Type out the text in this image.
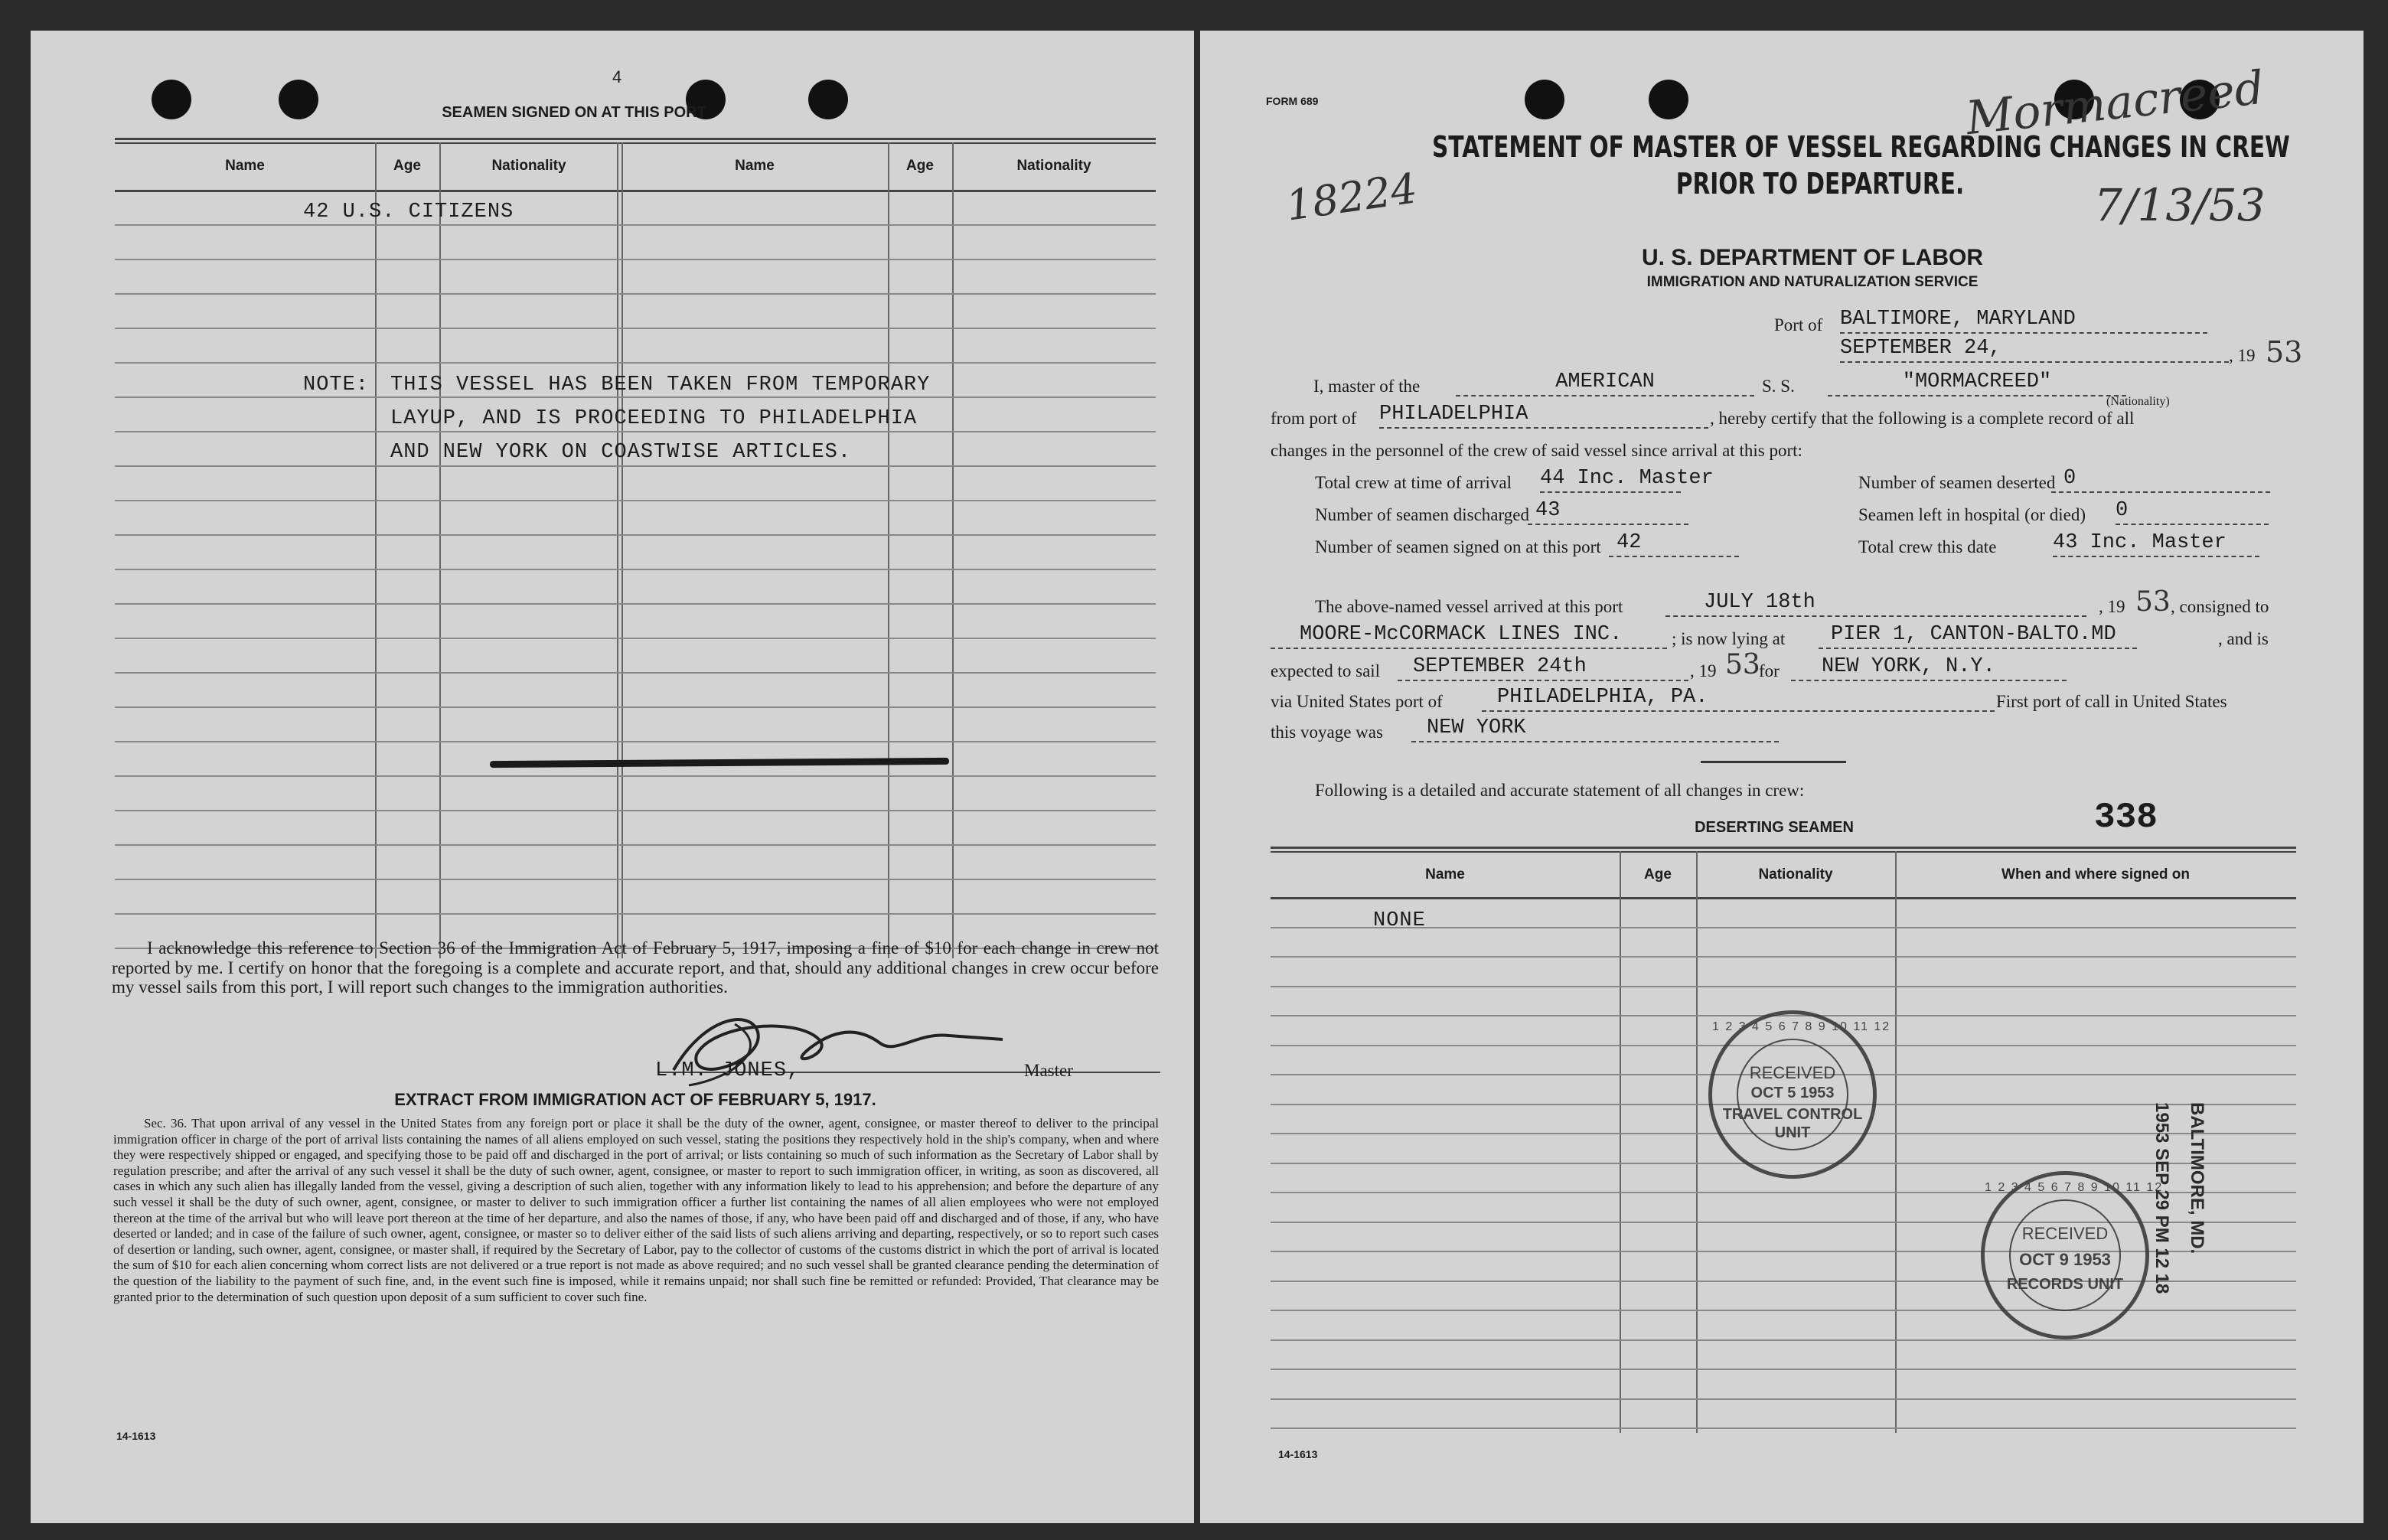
4
SEAMEN SIGNED ON AT THIS PORT
Name	Age	Nationality	Name	Age	Nationality
42 U.S. CITIZENS
NOTE: THIS VESSEL HAS BEEN TAKEN FROM TEMPORARY
LAYUP, AND IS PROCEEDING TO PHILADELPHIA
AND NEW YORK ON COASTWISE ARTICLES.
I acknowledge this reference to Section 36 of the Immigration Act of February 5, 1917, imposing a fine of $10 for each change in crew not reported by me. I certify on honor that the foregoing is a complete and accurate report, and that, should any additional changes in crew occur before my vessel sails from this port, I will report such changes to the immigration authorities.
L.M. JONES,	Master
EXTRACT FROM IMMIGRATION ACT OF FEBRUARY 5, 1917.
Sec. 36. That upon arrival of any vessel in the United States from any foreign port or place it shall be the duty of the owner, agent, consignee, or master thereof to deliver to the principal immigration officer in charge of the port of arrival lists containing the names of all aliens employed on such vessel, stating the positions they respectively hold in the ship's company, when and where they were respectively shipped or engaged, and specifying those to be paid off and discharged in the port of arrival; or lists containing so much of such information as the Secretary of Labor shall by regulation prescribe; and after the arrival of any such vessel it shall be the duty of such owner, agent, consignee, or master to report to such immigration officer, in writing, as soon as discovered, all cases in which any such alien has illegally landed from the vessel, giving a description of such alien, together with any information likely to lead to his apprehension; and before the departure of any such vessel it shall be the duty of such owner, agent, consignee, or master to deliver to such immigration officer a further list containing the names of all alien employees who were not employed thereon at the time of the arrival but who will leave port thereon at the time of her departure, and also the names of those, if any, who have been paid off and discharged and of those, if any, who have deserted or landed; and in case of the failure of such owner, agent, consignee, or master so to deliver either of the said lists of such aliens arriving and departing, respectively, or so to report such cases of desertion or landing, such owner, agent, consignee, or master shall, if required by the Secretary of Labor, pay to the collector of customs of the customs district in which the port of arrival is located the sum of $10 for each alien concerning whom correct lists are not delivered or a true report is not made as above required; and no such vessel shall be granted clearance pending the determination of the question of the liability to the payment of such fine, and, in the event such fine is imposed, while it remains unpaid; nor shall such fine be remitted or refunded: Provided, That clearance may be granted prior to the determination of such question upon deposit of a sum sufficient to cover such fine.
14-1613
FORM 689
STATEMENT OF MASTER OF VESSEL REGARDING CHANGES IN CREW
PRIOR TO DEPARTURE.
18224
Mormacreed
7/13/53
U. S. DEPARTMENT OF LABOR
IMMIGRATION AND NATURALIZATION SERVICE
Port of BALTIMORE, MARYLAND
SEPTEMBER 24,	, 19 53
I, master of the	AMERICAN
(Nationality)
S. S.	"MORMACREED"
from port of PHILADELPHIA	, hereby certify that the following is a complete record of all
changes in the personnel of the crew of said vessel since arrival at this port:
Total crew at time of arrival 44 Inc. Master	Number of seamen deserted 0
Number of seamen discharged 43	Seamen left in hospital (or died) 0
Number of seamen signed on at this port 42	Total crew this date	43 Inc. Master
The above-named vessel arrived at this port	JULY 18th	, 19 53 , consigned to
MOORE-McCORMACK LINES INC.	; is now lying at	PIER 1, CANTON-BALTO.MD	, and is
expected to sail	SEPTEMBER 24th	, 19 53
for	NEW YORK, N.Y.
via United States port of	PHILADELPHIA, PA.	First port of call in United States
this voyage was	NEW YORK
Following is a detailed and accurate statement of all changes in crew:
338
DESERTING SEAMEN
Name	Age	Nationality	When and where signed on
NONE
1 2 3 4 5 6 7 8 9 10 11 12
RECEIVED
OCT 5 1953
TRAVEL CONTROL
UNIT
1 2 3 4 5 6 7 8 9 10 11 12
RECEIVED
OCT 9 1953
RECORDS UNIT	1953 SEP 29 PM 12 18 BALTIMORE, MD.
14-1613
